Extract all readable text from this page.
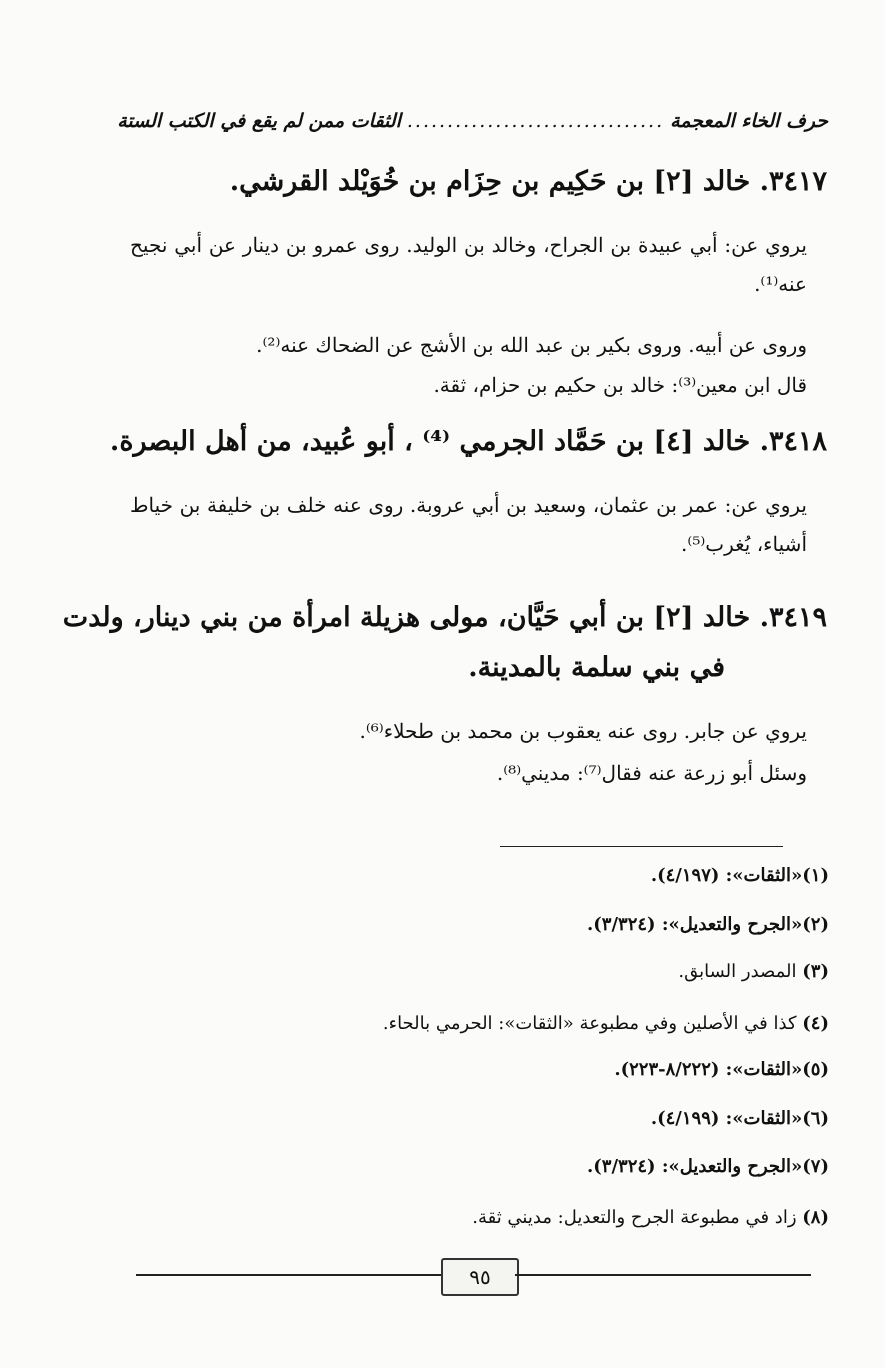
حرف الخاء المعجمة
................................
الثقات ممن لم يقع في الكتب الستة
٣٤١٧. خالد [٢] بن حَكِيم بن حِزَام بن خُوَيْلد القرشي.
يروي عن: أبي عبيدة بن الجراح، وخالد بن الوليد. روى عمرو بن دينار عن أبي نجيح عنه⁽¹⁾.
وروى عن أبيه. وروى بكير بن عبد الله بن الأشج عن الضحاك عنه⁽²⁾.
قال ابن معين⁽³⁾: خالد بن حكيم بن حزام، ثقة.
٣٤١٨. خالد [٤] بن حَمَّاد الجرمي ⁽⁴⁾ ، أبو عُبيد، من أهل البصرة.
يروي عن: عمر بن عثمان، وسعيد بن أبي عروبة. روى عنه خلف بن خليفة بن خياط أشياء، يُغرب⁽⁵⁾.
٣٤١٩. خالد [٢] بن أبي حَيَّان، مولى هزيلة امرأة من بني دينار، ولدت
في بني سلمة بالمدينة.
يروي عن جابر. روى عنه يعقوب بن محمد بن طحلاء⁽⁶⁾.
وسئل أبو زرعة عنه فقال⁽⁷⁾: مديني⁽⁸⁾.
(١)«الثقات»: (٤/١٩٧).
(٢)«الجرح والتعديل»: (٣/٣٢٤).
(٣) المصدر السابق.
(٤) كذا في الأصلين وفي مطبوعة «الثقات»: الحرمي بالحاء.
(٥)«الثقات»: (٨/٢٢٢-٢٢٣).
(٦)«الثقات»: (٤/١٩٩).
(٧)«الجرح والتعديل»: (٣/٣٢٤).
(٨) زاد في مطبوعة الجرح والتعديل: مديني ثقة.
٩٥
